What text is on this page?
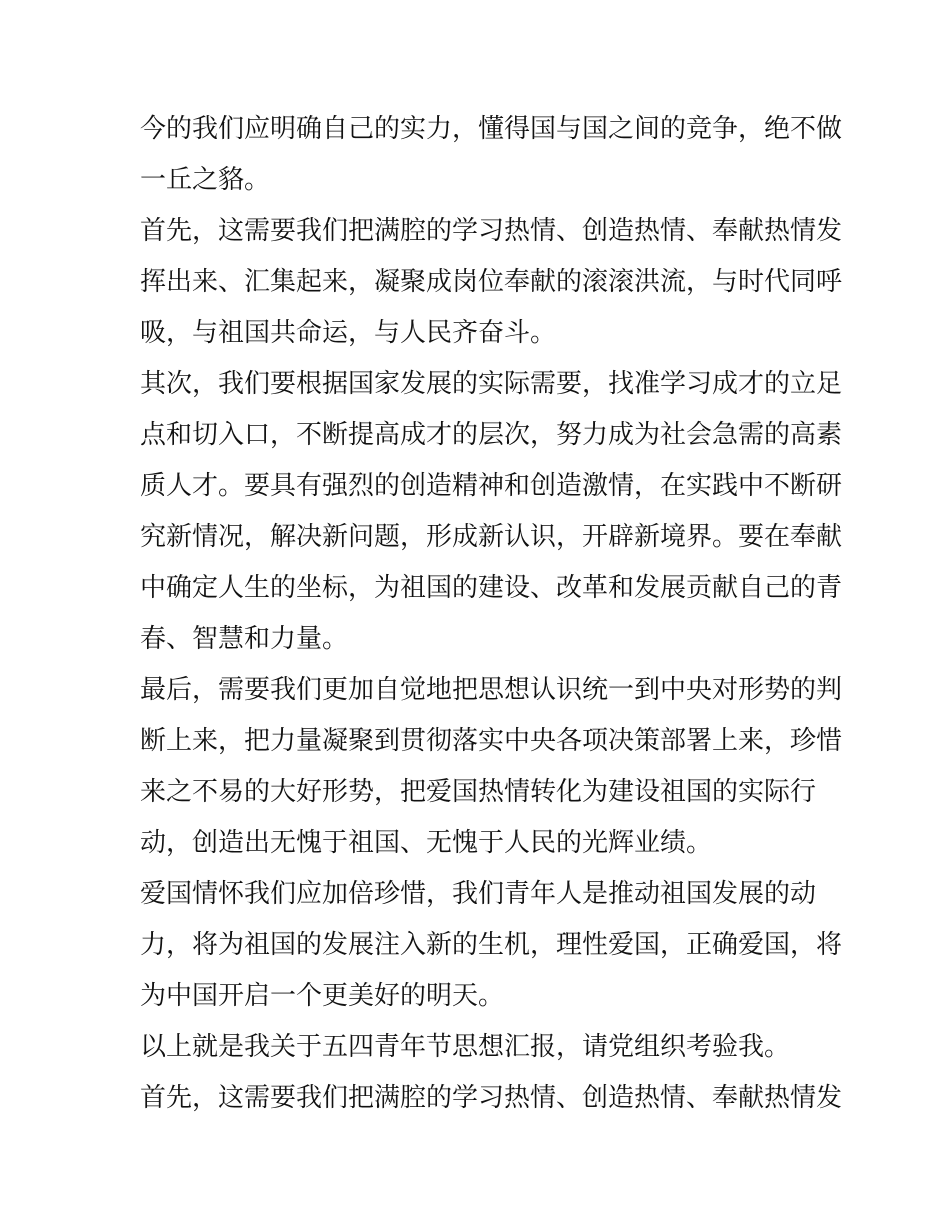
今的我们应明确自己的实力，懂得国与国之间的竞争，绝不做
一丘之貉。
首先，这需要我们把满腔的学习热情、创造热情、奉献热情发
挥出来、汇集起来，凝聚成岗位奉献的滚滚洪流，与时代同呼
吸，与祖国共命运，与人民齐奋斗。
其次，我们要根据国家发展的实际需要，找准学习成才的立足
点和切入口，不断提高成才的层次，努力成为社会急需的高素
质人才。要具有强烈的创造精神和创造激情，在实践中不断研
究新情况，解决新问题，形成新认识，开辟新境界。要在奉献
中确定人生的坐标，为祖国的建设、改革和发展贡献自己的青
春、智慧和力量。
最后，需要我们更加自觉地把思想认识统一到中央对形势的判
断上来，把力量凝聚到贯彻落实中央各项决策部署上来，珍惜
来之不易的大好形势，把爱国热情转化为建设祖国的实际行
动，创造出无愧于祖国、无愧于人民的光辉业绩。
爱国情怀我们应加倍珍惜，我们青年人是推动祖国发展的动
力，将为祖国的发展注入新的生机，理性爱国，正确爱国，将
为中国开启一个更美好的明天。
以上就是我关于五四青年节思想汇报，请党组织考验我。
首先，这需要我们把满腔的学习热情、创造热情、奉献热情发
